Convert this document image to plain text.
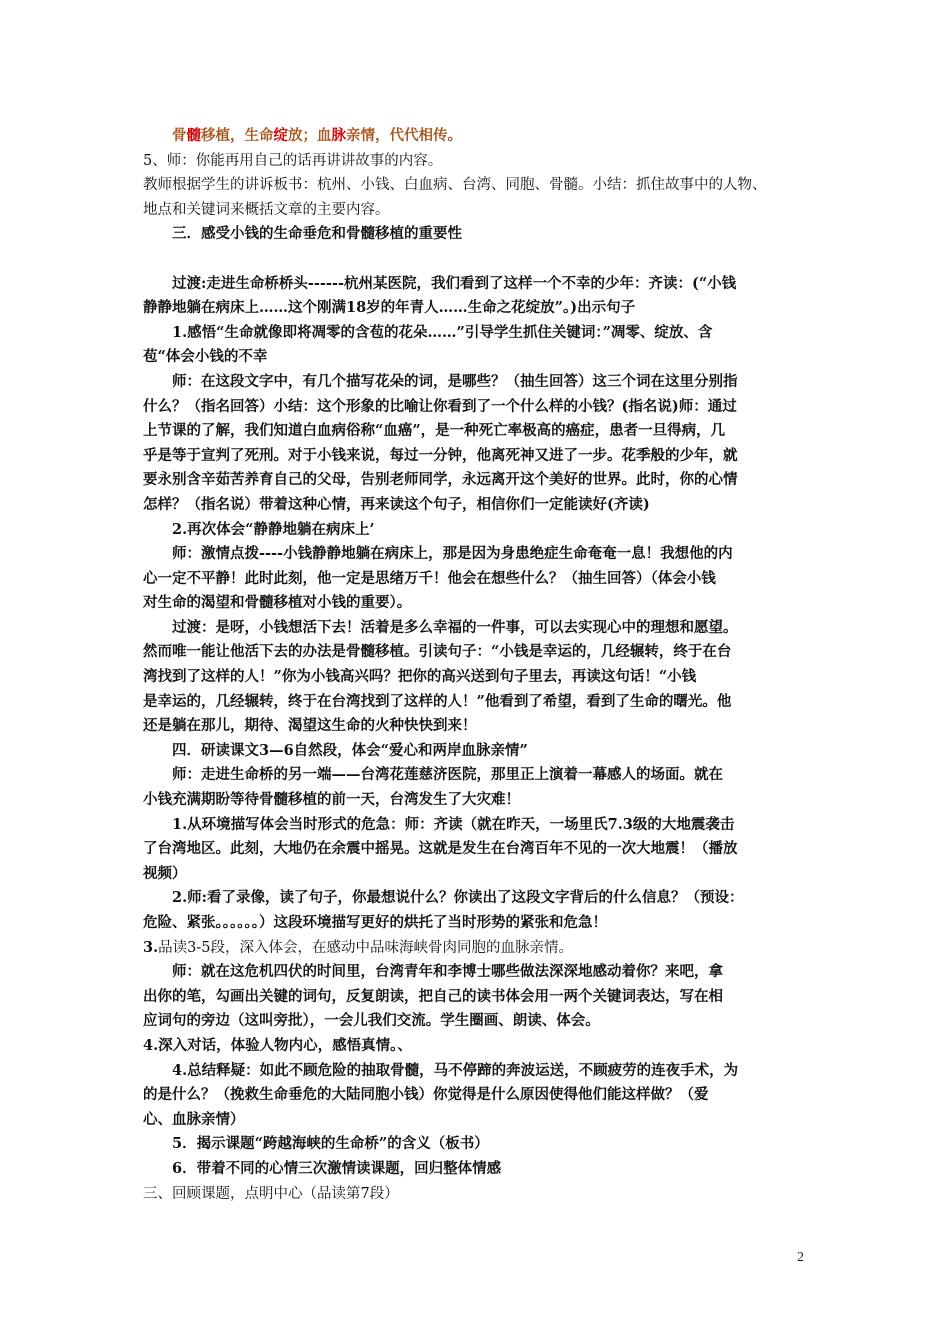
骨髓移植，生命绽放；血脉亲情，代代相传。
5、师：你能再用自己的话再讲讲故事的内容。
教师根据学生的讲诉板书：杭州、小钱、白血病、台湾、同胞、骨髓。小结：抓住故事中的人物、
地点和关键词来概括文章的主要内容。
三．感受小钱的生命垂危和骨髓移植的重要性
过渡:走进生命桥桥头------杭州某医院，我们看到了这样一个不幸的少年：齐读：(“小钱
静静地躺在病床上……这个刚满18岁的年青人……生命之花绽放”。)出示句子
1.感悟“生命就像即将凋零的含苞的花朵……”引导学生抓住关键词：”凋零、绽放、含
苞“体会小钱的不幸
师：在这段文字中，有几个描写花朵的词，是哪些？（抽生回答）这三个词在这里分别指
什么？（指名回答）小结：这个形象的比喻让你看到了一个什么样的小钱？(指名说)师：通过
上节课的了解，我们知道白血病俗称“血癌”，是一种死亡率极高的癌症，患者一旦得病，几
乎是等于宣判了死刑。对于小钱来说，每过一分钟，他离死神又进了一步。花季般的少年，就
要永别含辛茹苦养育自己的父母，告别老师同学，永远离开这个美好的世界。此时，你的心情
怎样？（指名说）带着这种心情，再来读这个句子，相信你们一定能读好(齐读)
2.再次体会“静静地躺在病床上’
师：激情点拨----小钱静静地躺在病床上，那是因为身患绝症生命奄奄一息！我想他的内
心一定不平静！此时此刻，他一定是思绪万千！他会在想些什么？（抽生回答）（体会小钱
对生命的渴望和骨髓移植对小钱的重要）。
过渡：是呀，小钱想活下去！活着是多么幸福的一件事，可以去实现心中的理想和愿望。
然而唯一能让他活下去的办法是骨髓移植。引读句子：“小钱是幸运的，几经辗转，终于在台
湾找到了这样的人！”你为小钱高兴吗？把你的高兴送到句子里去，再读这句话！“小钱
是幸运的，几经辗转，终于在台湾找到了这样的人！”他看到了希望，看到了生命的曙光。他
还是躺在那儿，期待、渴望这生命的火种快快到来！
四．研读课文3—6自然段，体会“爱心和两岸血脉亲情”
师：走进生命桥的另一端——台湾花莲慈济医院，那里正上演着一幕感人的场面。就在
小钱充满期盼等待骨髓移植的前一天，台湾发生了大灾难！
1.从环境描写体会当时形式的危急：师：齐读（就在昨天，一场里氏7.3级的大地震袭击
了台湾地区。此刻，大地仍在余震中摇晃。这就是发生在台湾百年不见的一次大地震！（播放
视频）
2.师:看了录像，读了句子，你最想说什么？你读出了这段文字背后的什么信息？（预设：
危险、紧张。。。。。。）这段环境描写更好的烘托了当时形势的紧张和危急！
3.品读3-5段，深入体会，在感动中品味海峡骨肉同胞的血脉亲情。
师：就在这危机四伏的时间里，台湾青年和李博士哪些做法深深地感动着你？来吧，拿
出你的笔，勾画出关键的词句，反复朗读，把自己的读书体会用一两个关键词表达，写在相
应词句的旁边（这叫旁批），一会儿我们交流。学生圈画、朗读、体会。
4.深入对话，体验人物内心，感悟真情。、
4.总结释疑：如此不顾危险的抽取骨髓，马不停蹄的奔波运送，不顾疲劳的连夜手术，为
的是什么？（挽救生命垂危的大陆同胞小钱）你觉得是什么原因使得他们能这样做？（爱
心、血脉亲情）
5．揭示课题“跨越海峡的生命桥”的含义（板书）
6．带着不同的心情三次激情读课题，回归整体情感
三、回顾课题，点明中心（品读第7段）
2
